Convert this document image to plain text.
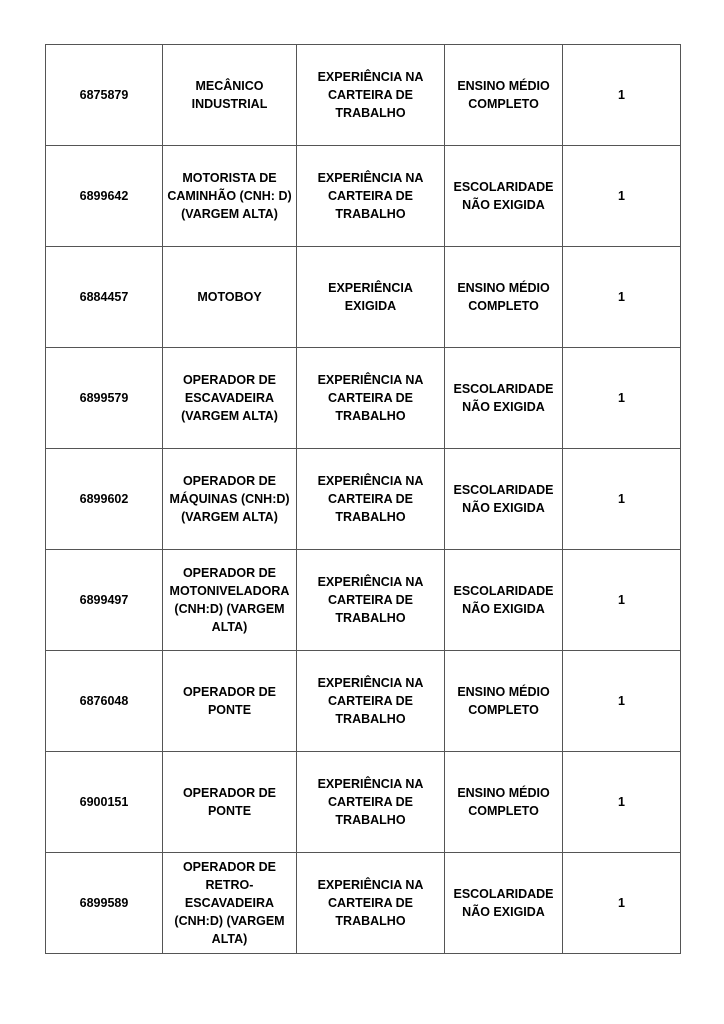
6875879	MECÂNICO INDUSTRIAL	EXPERIÊNCIA NA CARTEIRA DE TRABALHO	ENSINO MÉDIO COMPLETO	1
6899642	MOTORISTA DE CAMINHÃO (CNH: D) (VARGEM ALTA)	EXPERIÊNCIA NA CARTEIRA DE TRABALHO	ESCOLARIDADE NÃO EXIGIDA	1
6884457	MOTOBOY	EXPERIÊNCIA EXIGIDA	ENSINO MÉDIO COMPLETO	1
6899579	OPERADOR DE ESCAVADEIRA (VARGEM ALTA)	EXPERIÊNCIA NA CARTEIRA DE TRABALHO	ESCOLARIDADE NÃO EXIGIDA	1
6899602	OPERADOR DE MÁQUINAS (CNH:D) (VARGEM ALTA)	EXPERIÊNCIA NA CARTEIRA DE TRABALHO	ESCOLARIDADE NÃO EXIGIDA	1
6899497	OPERADOR DE MOTONIVELADORA (CNH:D) (VARGEM ALTA)	EXPERIÊNCIA NA CARTEIRA DE TRABALHO	ESCOLARIDADE NÃO EXIGIDA	1
6876048	OPERADOR DE PONTE	EXPERIÊNCIA NA CARTEIRA DE TRABALHO	ENSINO MÉDIO COMPLETO	1
6900151	OPERADOR DE PONTE	EXPERIÊNCIA NA CARTEIRA DE TRABALHO	ENSINO MÉDIO COMPLETO	1
6899589	OPERADOR DE RETRO-ESCAVADEIRA (CNH:D) (VARGEM ALTA)	EXPERIÊNCIA NA CARTEIRA DE TRABALHO	ESCOLARIDADE NÃO EXIGIDA	1
